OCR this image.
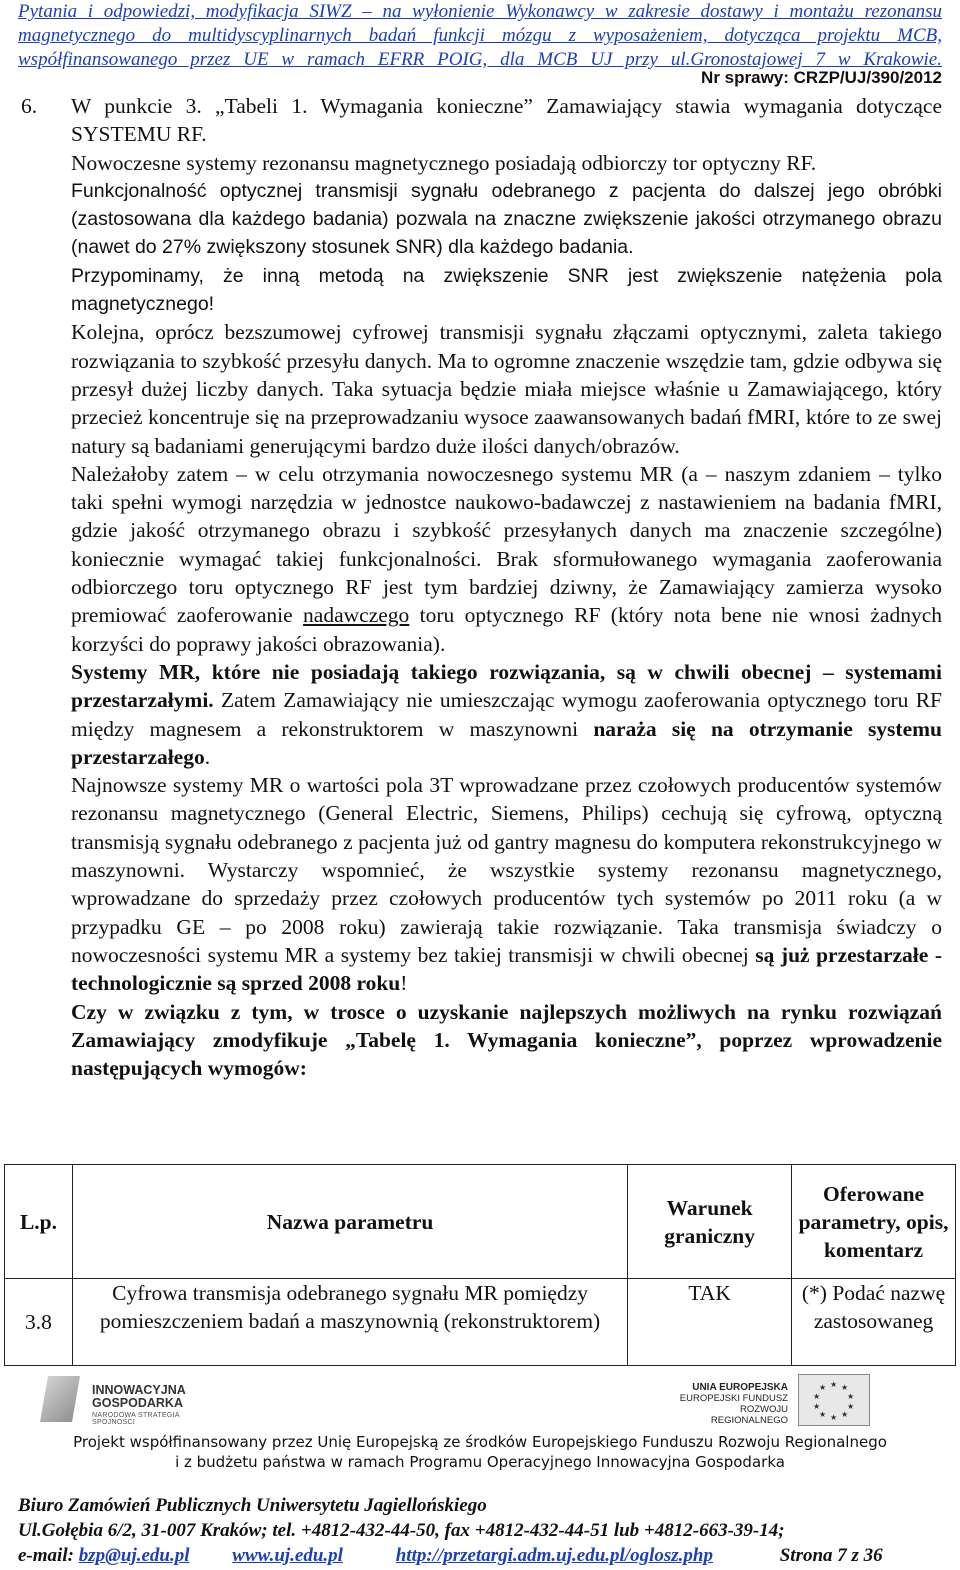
Pytania i odpowiedzi, modyfikacja SIWZ – na wyłonienie Wykonawcy w zakresie dostawy i montażu rezonansu
magnetycznego do multidyscyplinarnych badań funkcji mózgu z wyposażeniem, dotycząca projektu MCB,
współfinansowanego przez UE w ramach EFRR POIG, dla MCB UJ przy ul.Gronostajowej 7 w Krakowie.
Nr sprawy: CRZP/UJ/390/2012

6. W punkcie 3. „Tabeli 1. Wymagania konieczne” Zamawiający stawia wymagania dotyczące SYSTEMU RF.

Nowoczesne systemy rezonansu magnetycznego posiadają odbiorczy tor optyczny RF.

Funkcjonalność optycznej transmisji sygnału odebranego z pacjenta do dalszej jego obróbki (zastosowana dla każdego badania) pozwala na znaczne zwiększenie jakości otrzymanego obrazu (nawet do 27% zwiększony stosunek SNR) dla każdego badania.

Przypominamy, że inną metodą na zwiększenie SNR jest zwiększenie natężenia pola magnetycznego!

Kolejna, oprócz bezszumowej cyfrowej transmisji sygnału złączami optycznymi, zaleta takiego rozwiązania to szybkość przesyłu danych. Ma to ogromne znaczenie wszędzie tam, gdzie odbywa się przesył dużej liczby danych. Taka sytuacja będzie miała miejsce właśnie u Zamawiającego, który przecież koncentruje się na przeprowadzaniu wysoce zaawansowanych badań fMRI, które to ze swej natury są badaniami generującymi bardzo duże ilości danych/obrazów.

Należałoby zatem – w celu otrzymania nowoczesnego systemu MR (a – naszym zdaniem – tylko taki spełni wymogi narzędzia w jednostce naukowo-badawczej z nastawieniem na badania fMRI, gdzie jakość otrzymanego obrazu i szybkość przesyłanych danych ma znaczenie szczególne) koniecznie wymagać takiej funkcjonalności. Brak sformułowanego wymagania zaoferowania odbiorczego toru optycznego RF jest tym bardziej dziwny, że Zamawiający zamierza wysoko premiować zaoferowanie nadawczego toru optycznego RF (który nota bene nie wnosi żadnych korzyści do poprawy jakości obrazowania).

Systemy MR, które nie posiadają takiego rozwiązania, są w chwili obecnej – systemami przestarzałymi. Zatem Zamawiający nie umieszczając wymogu zaoferowania optycznego toru RF między magnesem a rekonstruktorem w maszynowni naraża się na otrzymanie systemu przestarzałego.

Najnowsze systemy MR o wartości pola 3T wprowadzane przez czołowych producentów systemów rezonansu magnetycznego (General Electric, Siemens, Philips) cechują się cyfrową, optyczną transmisją sygnału odebranego z pacjenta już od gantry magnesu do komputera rekonstrukcyjnego w maszynowni. Wystarczy wspomnieć, że wszystkie systemy rezonansu magnetycznego, wprowadzane do sprzedaży przez czołowych producentów tych systemów po 2011 roku (a w przypadku GE – po 2008 roku) zawierają takie rozwiązanie. Taka transmisja świadczy o nowoczesności systemu MR a systemy bez takiej transmisji w chwili obecnej są już przestarzałe - technologicznie są sprzed 2008 roku!

Czy w związku z tym, w trosce o uzyskanie najlepszych możliwych na rynku rozwiązań Zamawiający zmodyfikuje „Tabelę 1. Wymagania konieczne”, poprzez wprowadzenie następujących wymogów:

L.p.	Nazwa parametru	Warunek graniczny	Oferowane parametry, opis, komentarz
3.8	Cyfrowa transmisja odebranego sygnału MR pomiędzy pomieszczeniem badań a maszynownią (rekonstruktorem)	TAK	(*) Podać nazwę zastosowaneg
INNOWACYJNA
GOSPODARKA
NARODOWA STRATEGIA SPÓJNOŚCI
UNIA EUROPEJSKA
EUROPEJSKI FUNDUSZ
ROZWOJU REGIONALNEGO
★ ★
★
★
★
★
★
★
★
★
Projekt współfinansowany przez Unię Europejską ze środków Europejskiego Funduszu Rozwoju Regionalnego
i z budżetu państwa w ramach Programu Operacyjnego Innowacyjna Gospodarka
Biuro Zamówień Publicznych Uniwersytetu Jagiellońskiego
Ul.Gołębia 6/2, 31-007 Kraków; tel. +4812-432-44-50, fax +4812-432-44-51 lub +4812-663-39-14;
e-mail: bzp@uj.edu.pl www.uj.edu.pl	http://przetargi.adm.uj.edu.pl/oglosz.php	Strona 7 z 36
